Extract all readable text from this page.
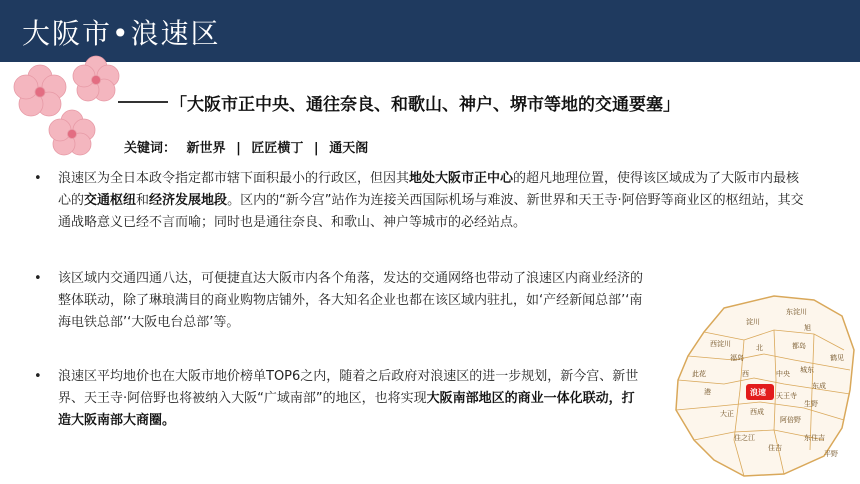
大阪市•浪速区
「大阪市正中央、通往奈良、和歌山、神户、堺市等地的交通要塞」
关键词： 新世界 | 匠匠横丁 | 通天阁
• 浪速区为全日本政令指定都市辖下面积最小的行政区，但因其地处大阪市正中心的超凡地理位置，使得该区域成为了大阪市内最核心的交通枢纽和经济发展地段。区内的“新今宫”站作为连接关西国际机场与难波、新世界和天王寺·阿倍野等商业区的枢纽站，其交通战略意义已经不言而喻；同时也是通往奈良、和歌山、神户等城市的必经站点。
• 该区域内交通四通八达，可便捷直达大阪市内各个角落，发达的交通网络也带动了浪速区内商业经济的整体联动，除了琳琅满目的商业购物店铺外，各大知名企业也都在该区域内驻扎，如‘产经新闻总部’‘南海电铁总部’‘大阪电台总部’等。
• 浪速区平均地价也在大阪市地价榜单TOP6之内，随着之后政府对浪速区的进一步规划，新今宫、新世界、天王寺·阿倍野也将被纳入大阪“广域南部”的地区，也将实现大阪南部地区的商业一体化联动，打造大阪南部大商圈。
浪速
淀川
东淀川
西淀川	北
旭
都岛
福岛
城东
鹤见
此花	西	中央
东成
港
大正
天王寺
生野
西成
阿倍野
东住吉
住之江
住吉
平野
